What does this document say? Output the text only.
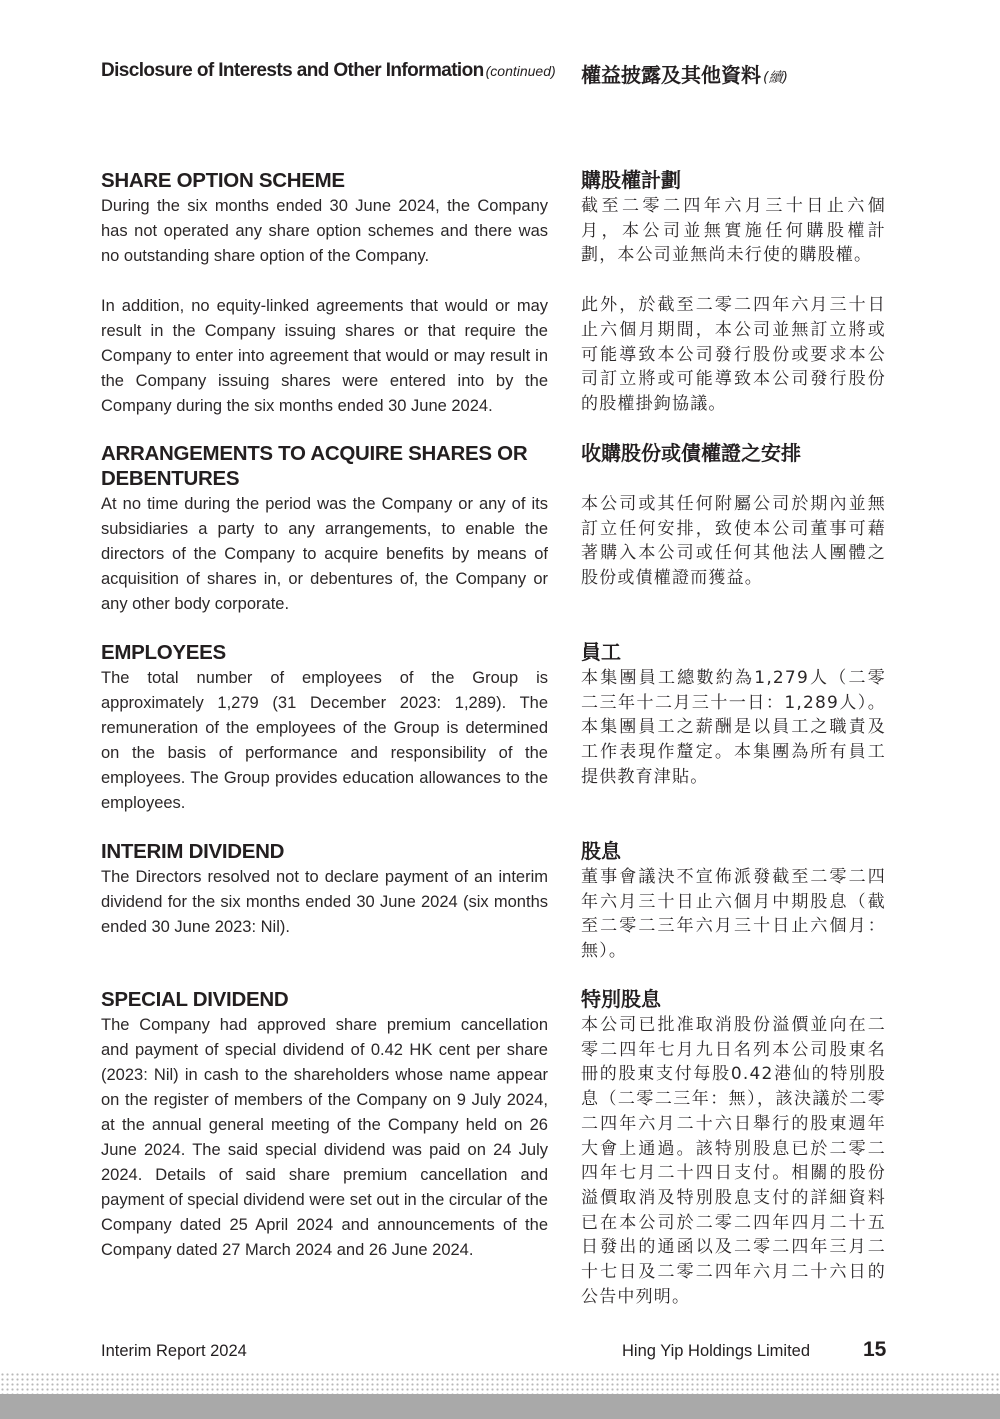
Disclosure of Interests and Other Information (continued) 權益披露及其他資料 (續)
SHARE OPTION SCHEME

During the six months ended 30 June 2024, the Company has not operated any share option schemes and there was no outstanding share option of the Company.

In addition, no equity-linked agreements that would or may result in the Company issuing shares or that require the Company to enter into agreement that would or may result in the Company issuing shares were entered into by the Company during the six months ended 30 June 2024.

購股權計劃

截至二零二四年六月三十日止六個月，本公司並無實施任何購股權計劃，本公司並無尚未行使的購股權。

此外，於截至二零二四年六月三十日止六個月期間，本公司並無訂立將或可能導致本公司發行股份或要求本公司訂立將或可能導致本公司發行股份的股權掛鉤協議。

ARRANGEMENTS TO ACQUIRE SHARES OR DEBENTURES

At no time during the period was the Company or any of its subsidiaries a party to any arrangements, to enable the directors of the Company to acquire benefits by means of acquisition of shares in, or debentures of, the Company or any other body corporate.

收購股份或債權證之安排

本公司或其任何附屬公司於期內並無訂立任何安排，致使本公司董事可藉著購入本公司或任何其他法人團體之股份或債權證而獲益。

EMPLOYEES

The total number of employees of the Group is approximately 1,279 (31 December 2023: 1,289). The remuneration of the employees of the Group is determined on the basis of performance and responsibility of the employees. The Group provides education allowances to the employees.

員工

本集團員工總數約為1,279人（二零二三年十二月三十一日：1,289人）。本集團員工之薪酬是以員工之職責及工作表現作釐定。本集團為所有員工提供教育津貼。

INTERIM DIVIDEND

The Directors resolved not to declare payment of an interim dividend for the six months ended 30 June 2024 (six months ended 30 June 2023: Nil).

股息

董事會議決不宣佈派發截至二零二四年六月三十日止六個月中期股息（截至二零二三年六月三十日止六個月：無）。

SPECIAL DIVIDEND

The Company had approved share premium cancellation and payment of special dividend of 0.42 HK cent per share (2023: Nil) in cash to the shareholders whose name appear on the register of members of the Company on 9 July 2024, at the annual general meeting of the Company held on 26 June 2024. The said special dividend was paid on 24 July 2024. Details of said share premium cancellation and payment of special dividend were set out in the circular of the Company dated 25 April 2024 and announcements of the Company dated 27 March 2024 and 26 June 2024.

特別股息

本公司已批准取消股份溢價並向在二零二四年七月九日名列本公司股東名冊的股東支付每股0.42港仙的特別股息（二零二三年：無），該決議於二零二四年六月二十六日舉行的股東週年大會上通過。該特別股息已於二零二四年七月二十四日支付。相關的股份溢價取消及特別股息支付的詳細資料已在本公司於二零二四年四月二十五日發出的通函以及二零二四年三月二十七日及二零二四年六月二十六日的公告中列明。

Interim Report 2024	Hing Yip Holdings Limited	15
